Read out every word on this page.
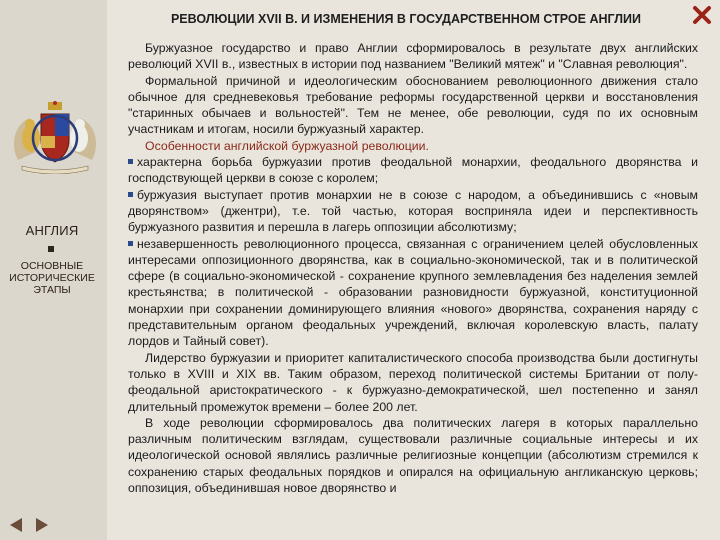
АНГЛИЯ
ОСНОВНЫЕ
ИСТОРИЧЕСКИЕ
ЭТАПЫ
РЕВОЛЮЦИИ XVII В. И ИЗМЕНЕНИЯ В ГОСУДАРСТВЕННОМ СТРОЕ АНГЛИИ

Буржуазное государство и право Англии сформировалось в результате двух английских революций XVII в., известных в истории под названием "Великий мятеж" и "Славная революция".

Формальной причиной и идеологическим обоснованием революционного движения стало обычное для средневековья требование реформы государственной церкви и восстановления "старинных обычаев и вольностей". Тем не менее, обе революции, судя по их основным участникам и итогам, носили буржуазный характер.

Особенности английской буржуазной революции.

характерна борьба буржуазии против феодальной монархии, феодального дворянства и господствующей церкви в союзе с королем;

буржуазия выступает против монархии не в союзе с народом, а объединившись с «новым дворянством» (джентри), т.е. той частью, которая восприняла идеи и перспективность буржуазного развития и перешла в лагерь оппозиции абсолютизму;

незавершенность революционного процесса, связанная с ограничением целей обусловленных интересами оппозиционного дворянства, как в социально-экономической, так и в политической сфере (в социально-экономической - сохранение крупного землевладения без наделения землей крестьянства; в политической - образовании разновидности буржуазной, конституционной монархии при сохранении доминирующего влияния «нового» дворянства, сохранения наряду с представительным органом феодальных учреждений, включая королевскую власть, палату лордов и Тайный совет).

Лидерство буржуазии и приоритет капиталистического способа производства были достигнуты только в XVIII и XIX вв. Таким образом, переход политической системы Британии от полу-феодальной аристократического - к буржуазно-демократической, шел постепенно и занял длительный промежуток времени – более 200 лет.

В ходе революции сформировалось два политических лагеря в которых параллельно различным политическим взглядам, существовали различные социальные интересы и их идеологической основой являлись различные религиозные концепции (абсолютизм стремился к сохранению старых феодальных порядков и опирался на официальную англиканскую церковь; оппозиция, объединившая новое дворянство и
